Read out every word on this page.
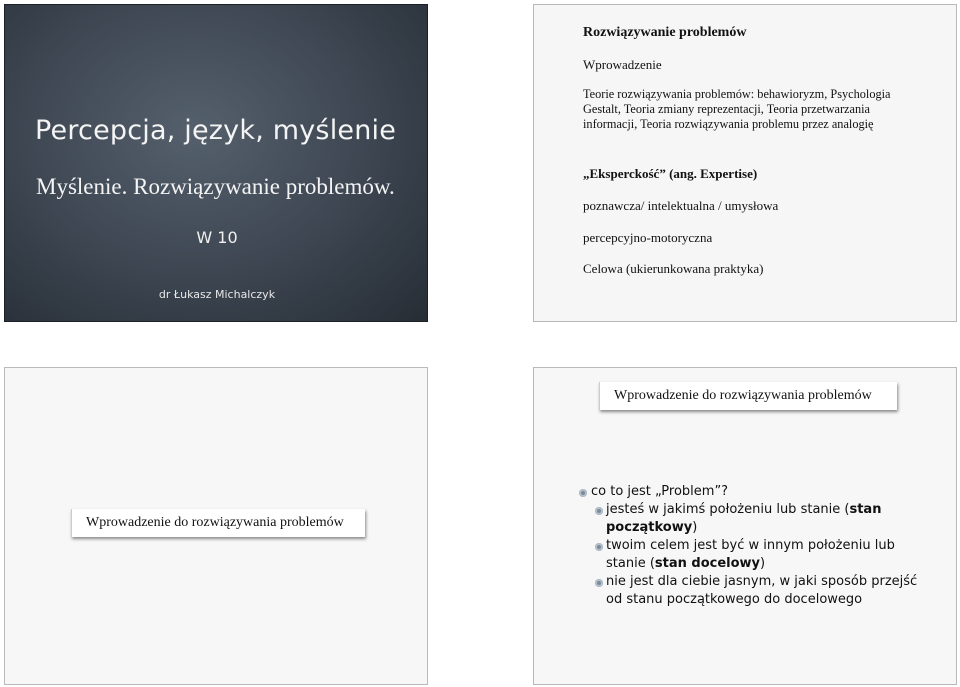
Percepcja, język, myślenie
Myślenie. Rozwiązywanie problemów.
W 10
dr Łukasz Michalczyk
Rozwiązywanie problemów
Wprowadzenie
Teorie rozwiązywania problemów: behawioryzm, Psychologia Gestalt, Teoria zmiany reprezentacji, Teoria przetwarzania informacji, Teoria rozwiązywania problemu przez analogię
„Eksperckość” (ang. Expertise)
poznawcza/ intelektualna / umysłowa
percepcyjno-motoryczna
Celowa (ukierunkowana praktyka)
Wprowadzenie do rozwiązywania problemów
Wprowadzenie do rozwiązywania problemów
co to jest „Problem”?
jesteś w jakimś położeniu lub stanie (stan początkowy)
twoim celem jest być w innym położeniu lub stanie (stan docelowy)
nie jest dla ciebie jasnym, w jaki sposób przejść od stanu początkowego do docelowego
